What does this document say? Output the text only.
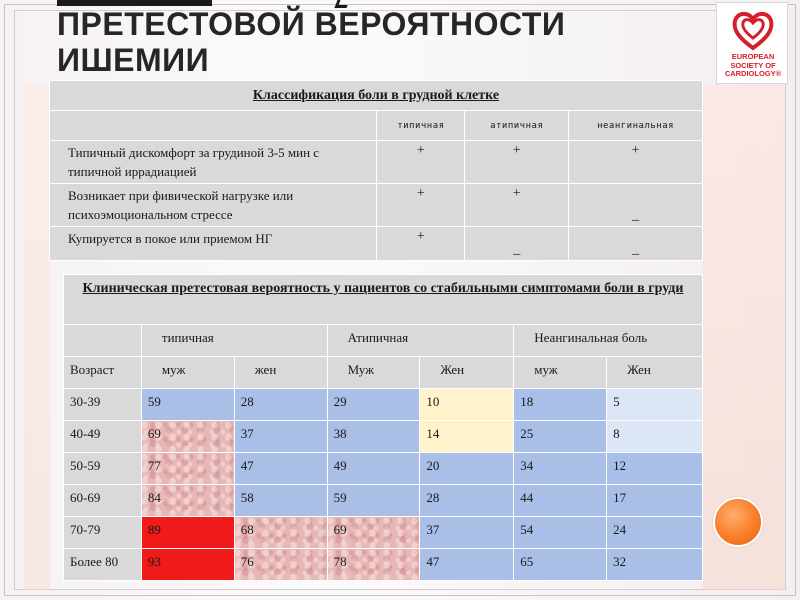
ПРЕТЕСТОВОЙ ВЕРОЯТНОСТИ
ИШЕМИИ	EUROPEAN
SOCIETY OF
CARDIOLOGY®
Классификация боли в грудной клетке			
	типичная	атипичная	неангинальная
Типичный дискомфорт за грудиной 3-5 мин с типичной иррадиацией	+	+	+
Возникает при фивической нагрузке или психоэмоциональном стрессе	+	+	_
Купируется в покое или приемом НГ	+	_	_
Клиническая претестовая вероятность у пациентов со стабильными симптомами боли в груди						
	типичная		Атипичная		Неангинальная боль	
Возраст	муж	жен	Муж	Жен	муж	Жен
30-39	59	28	29	10	18	5
40-49	69	37	38	14	25	8
50-59	77	47	49	20	34	12
60-69	84	58	59	28	44	17
70-79	89	68	69	37	54	24
Более 80	93	76	78	47	65	32
